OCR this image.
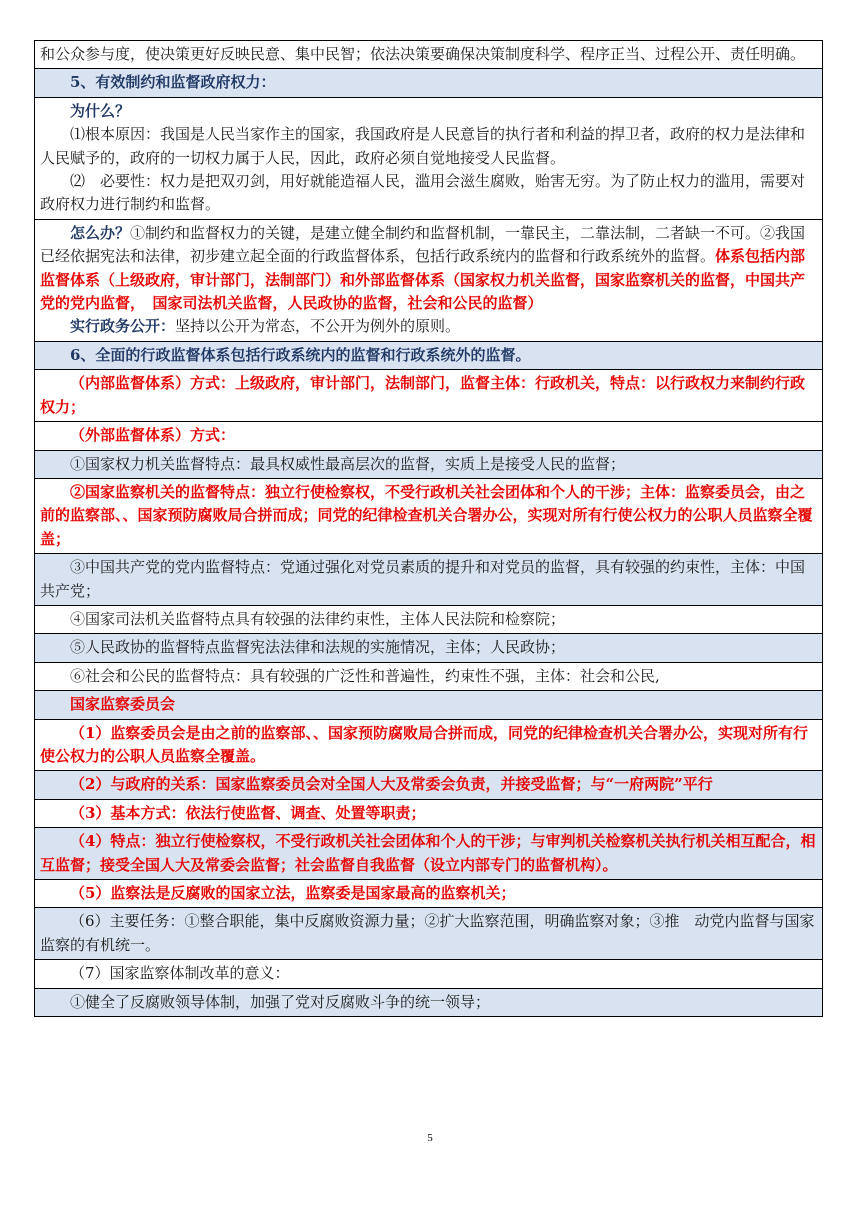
和公众参与度，使决策更好反映民意、集中民智；依法决策要确保决策制度科学、程序正当、过程公开、责任明确。

5、有效制约和监督政府权力：

为什么？

⑴根本原因：我国是人民当家作主的国家，我国政府是人民意旨的执行者和利益的捍卫者，政府的权力是法律和人民赋予的，政府的一切权力属于人民，因此，政府必须自觉地接受人民监督。

⑵　必要性：权力是把双刃剑，用好就能造福人民，滥用会滋生腐败，贻害无穷。为了防止权力的滥用，需要对政府权力进行制约和监督。

怎么办？①制约和监督权力的关键，是建立健全制约和监督机制，一靠民主，二靠法制，二者缺一不可。②我国已经依据宪法和法律，初步建立起全面的行政监督体系，包括行政系统内的监督和行政系统外的监督。体系包括内部监督体系（上级政府，审计部门，法制部门）和外部监督体系（国家权力机关监督，国家监察机关的监督，中国共产党的党内监督，　国家司法机关监督，人民政协的监督，社会和公民的监督）

实行政务公开：坚持以公开为常态，不公开为例外的原则。

6、全面的行政监督体系包括行政系统内的监督和行政系统外的监督。

（内部监督体系）方式：上级政府，审计部门，法制部门，监督主体：行政机关，特点：以行政权力来制约行政权力；

（外部监督体系）方式：

①国家权力机关监督特点：最具权威性最高层次的监督，实质上是接受人民的监督；

②国家监察机关的监督特点：独立行使检察权，不受行政机关社会团体和个人的干涉；主体：监察委员会，由之前的监察部、、国家预防腐败局合拼而成；同党的纪律检查机关合署办公，实现对所有行使公权力的公职人员监察全覆盖；

③中国共产党的党内监督特点：党通过强化对党员素质的提升和对党员的监督，具有较强的约束性，主体：中国共产党；

④国家司法机关监督特点具有较强的法律约束性，主体人民法院和检察院；

⑤人民政协的监督特点监督宪法法律和法规的实施情况，主体；人民政协；

⑥社会和公民的监督特点：具有较强的广泛性和普遍性，约束性不强，主体：社会和公民,

国家监察委员会

（1）监察委员会是由之前的监察部、、国家预防腐败局合拼而成，同党的纪律检查机关合署办公，实现对所有行使公权力的公职人员监察全覆盖。

（2）与政府的关系：国家监察委员会对全国人大及常委会负责，并接受监督；与“一府两院”平行

（3）基本方式：依法行使监督、调查、处置等职责；

（4）特点：独立行使检察权，不受行政机关社会团体和个人的干涉；与审判机关检察机关执行机关相互配合，相互监督；接受全国人大及常委会监督；社会监督自我监督（设立内部专门的监督机构）。

（5）监察法是反腐败的国家立法，监察委是国家最高的监察机关；

（6）主要任务：①整合职能，集中反腐败资源力量；②扩大监察范围，明确监察对象；③推　动党内监督与国家监察的有机统一。

（7）国家监察体制改革的意义：

①健全了反腐败领导体制，加强了党对反腐败斗争的统一领导；

5
